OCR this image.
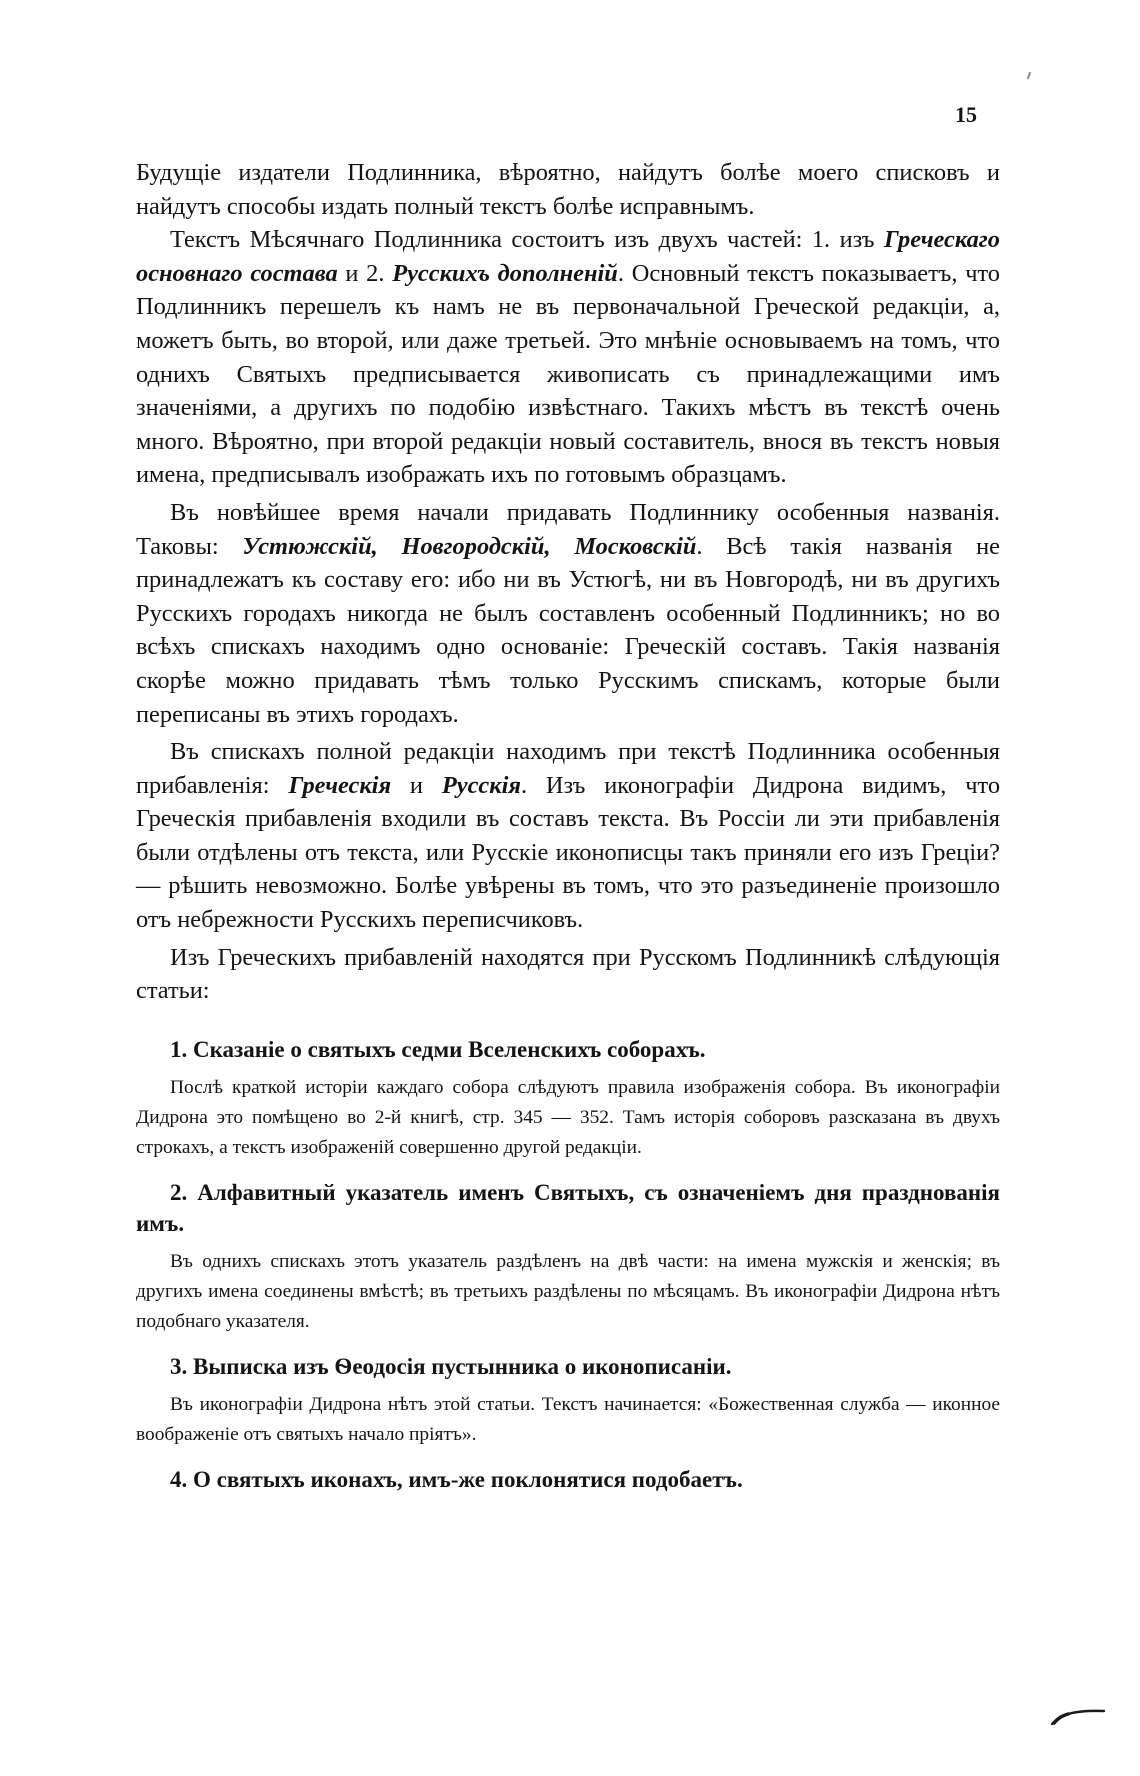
15

Будущіе издатели Подлинника, вѣроятно, найдутъ болѣе моего списковъ и найдутъ способы издать полный текстъ болѣе исправнымъ.

Текстъ Мѣсячнаго Подлинника состоитъ изъ двухъ частей: 1. изъ Греческаго основнаго состава и 2. Русскихъ дополненій. Основный текстъ показываетъ, что Подлинникъ перешелъ къ намъ не въ первоначальной Греческой редакціи, а, можетъ быть, во второй, или даже третьей. Это мнѣніе основываемъ на томъ, что однихъ Святыхъ предписывается живописать съ принадлежащими имъ значеніями, а другихъ по подобію извѣстнаго. Такихъ мѣстъ въ текстѣ очень много. Вѣроятно, при второй редакціи новый составитель, внося въ текстъ новыя имена, предписывалъ изображать ихъ по готовымъ образцамъ.

Въ новѣйшее время начали придавать Подлиннику особенныя названія. Таковы: Устюжскій, Новгородскій, Московскій. Всѣ такія названія не принадлежатъ къ составу его: ибо ни въ Устюгѣ, ни въ Новгородѣ, ни въ другихъ Русскихъ городахъ никогда не былъ составленъ особенный Подлинникъ; но во всѣхъ спискахъ находимъ одно основаніе: Греческій составъ. Такія названія скорѣе можно придавать тѣмъ только Русскимъ спискамъ, которые были переписаны въ этихъ городахъ.

Въ спискахъ полной редакціи находимъ при текстѣ Подлинника особенныя прибавленія: Греческія и Русскія. Изъ иконографіи Дидрона видимъ, что Греческія прибавленія входили въ составъ текста. Въ Россіи ли эти прибавленія были отдѣлены отъ текста, или Русскіе иконописцы такъ приняли его изъ Греціи? — рѣшить невозможно. Болѣе увѣрены въ томъ, что это разъединеніе произошло отъ небрежности Русскихъ переписчиковъ.

Изъ Греческихъ прибавленій находятся при Русскомъ Подлинникѣ слѣдующія статьи:

1. Сказаніе о святыхъ седми Вселенскихъ соборахъ.

Послѣ краткой исторіи каждаго собора слѣдуютъ правила изображенія собора. Въ иконографіи Дидрона это помѣщено во 2-й книгѣ, стр. 345 — 352. Тамъ исторія соборовъ разсказана въ двухъ строкахъ, а текстъ изображеній совершенно другой редакціи.

2. Алфавитный указатель именъ Святыхъ, съ означеніемъ дня празднованія имъ.

Въ однихъ спискахъ этотъ указатель раздѣленъ на двѣ части: на имена мужскія и женскія; въ другихъ имена соединены вмѣстѣ; въ третьихъ раздѣлены по мѣсяцамъ. Въ иконографіи Дидрона нѣтъ подобнаго указателя.

3. Выписка изъ Ѳеодосія пустынника о иконописаніи.

Въ иконографіи Дидрона нѣтъ этой статьи. Текстъ начинается: «Божественная служба — иконное воображеніе отъ святыхъ начало пріятъ».

4. О святыхъ иконахъ, имъ-же поклонятися подобаетъ.
